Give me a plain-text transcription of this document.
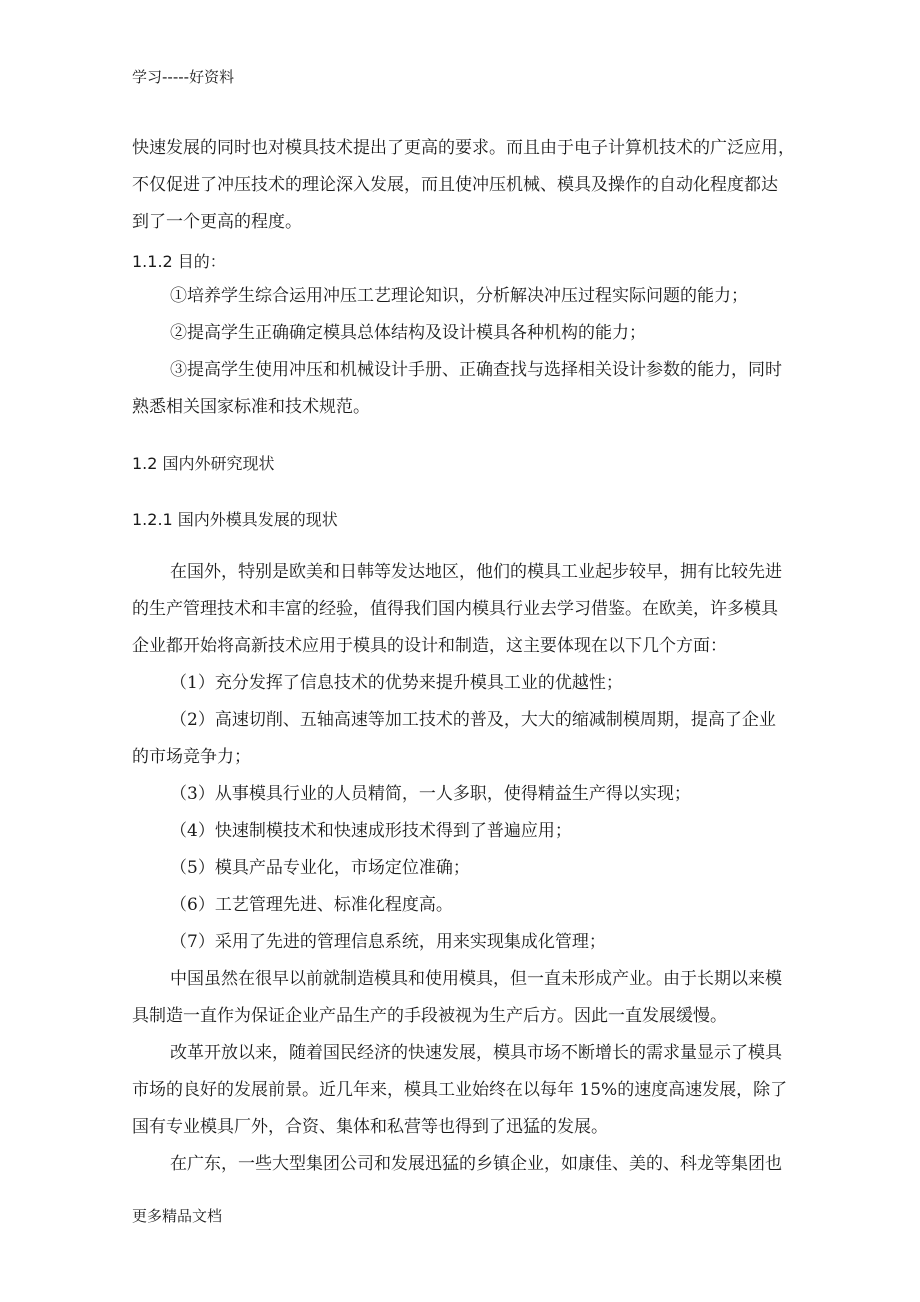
学习-----好资料
快速发展的同时也对模具技术提出了更高的要求。而且由于电子计算机技术的广泛应用，
不仅促进了冲压技术的理论深入发展，而且使冲压机械、模具及操作的自动化程度都达
到了一个更高的程度。
1.1.2 目的：
①培养学生综合运用冲压工艺理论知识，分析解决冲压过程实际问题的能力；
②提高学生正确确定模具总体结构及设计模具各种机构的能力；
③提高学生使用冲压和机械设计手册、正确查找与选择相关设计参数的能力，同时
熟悉相关国家标准和技术规范。
1.2 国内外研究现状
1.2.1 国内外模具发展的现状
在国外，特别是欧美和日韩等发达地区，他们的模具工业起步较早，拥有比较先进
的生产管理技术和丰富的经验，值得我们国内模具行业去学习借鉴。在欧美，许多模具
企业都开始将高新技术应用于模具的设计和制造，这主要体现在以下几个方面：
（1）充分发挥了信息技术的优势来提升模具工业的优越性；
（2）高速切削、五轴高速等加工技术的普及，大大的缩减制模周期，提高了企业
的市场竞争力；
（3）从事模具行业的人员精简，一人多职，使得精益生产得以实现；
（4）快速制模技术和快速成形技术得到了普遍应用；
（5）模具产品专业化，市场定位准确；
（6）工艺管理先进、标准化程度高。
（7）采用了先进的管理信息系统，用来实现集成化管理；
中国虽然在很早以前就制造模具和使用模具，但一直未形成产业。由于长期以来模
具制造一直作为保证企业产品生产的手段被视为生产后方。因此一直发展缓慢。
改革开放以来，随着国民经济的快速发展，模具市场不断增长的需求量显示了模具
市场的良好的发展前景。近几年来，模具工业始终在以每年 15%的速度高速发展，除了
国有专业模具厂外，合资、集体和私营等也得到了迅猛的发展。
在广东，一些大型集团公司和发展迅猛的乡镇企业，如康佳、美的、科龙等集团也
更多精品文档
